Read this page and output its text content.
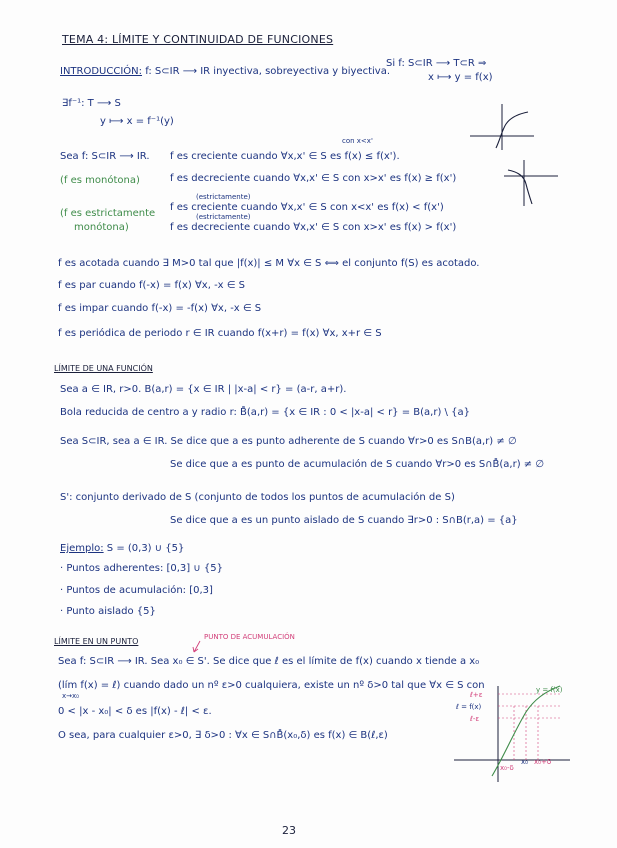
TEMA 4: LÍMITE Y CONTINUIDAD DE FUNCIONES
INTRODUCCIÓN: f: S⊂IR ⟶ IR inyectiva, sobreyectiva y biyectiva.
Si f: S⊂IR ⟶ T⊂R ⇒
x ⟼ y = f(x)
∃f⁻¹: T ⟶ S
y ⟼ x = f⁻¹(y)
con x<x'
Sea f: S⊂IR ⟶ IR. f es creciente cuando ∀x,x' ∈ S es f(x) ≤ f(x').
(f es monótona)	f es decreciente cuando ∀x,x' ∈ S con x>x' es f(x) ≥ f(x')
(estrictamente)
(f es estrictamente
monótona)
f es creciente cuando ∀x,x' ∈ S con x<x' es f(x) < f(x')
(estrictamente)
f es decreciente cuando ∀x,x' ∈ S con x>x' es f(x) > f(x')
f es acotada cuando ∃ M>0 tal que |f(x)| ≤ M ∀x ∈ S ⟺ el conjunto f(S) es acotado.
f es par cuando f(-x) = f(x) ∀x, -x ∈ S
f es impar cuando f(-x) = -f(x) ∀x, -x ∈ S
f es periódica de periodo r ∈ IR cuando f(x+r) = f(x) ∀x, x+r ∈ S
LÍMITE DE UNA FUNCIÓN
Sea a ∈ IR, r>0. B(a,r) = {x ∈ IR | |x-a| < r} = (a-r, a+r).
Bola reducida de centro a y radio r: B̊(a,r) = {x ∈ IR : 0 < |x-a| < r} = B(a,r) \ {a}
Sea S⊂IR, sea a ∈ IR. Se dice que a es punto adherente de S cuando ∀r>0 es S∩B(a,r) ≠ ∅
Se dice que a es punto de acumulación de S cuando ∀r>0 es S∩B̊(a,r) ≠ ∅
S': conjunto derivado de S (conjunto de todos los puntos de acumulación de S)
Se dice que a es un punto aislado de S cuando ∃r>0 : S∩B(r,a) = {a}
Ejemplo: S = (0,3) ∪ {5}
· Puntos adherentes: [0,3] ∪ {5}
· Puntos de acumulación: [0,3]
· Punto aislado {5}
LÍMITE EN UN PUNTO	PUNTO DE ACUMULACIÓN
Sea f: S⊂IR ⟶ IR. Sea x₀ ∈ S'. Se dice que ℓ es el límite de f(x) cuando x tiende a x₀
(lím f(x) = ℓ) cuando dado un nº ε>0 cualquiera, existe un nº δ>0 tal que ∀x ∈ S con
x→x₀
0 < |x - x₀| < δ es |f(x) - ℓ| < ε.
O sea, para cualquier ε>0, ∃ δ>0 : ∀x ∈ S∩B̊(x₀,δ) es f(x) ∈ B(ℓ,ε)
y = f(x)
ℓ+ε
ℓ = f(x)
ℓ-ε
x₀-δ
x₀ x₀+δ
23
